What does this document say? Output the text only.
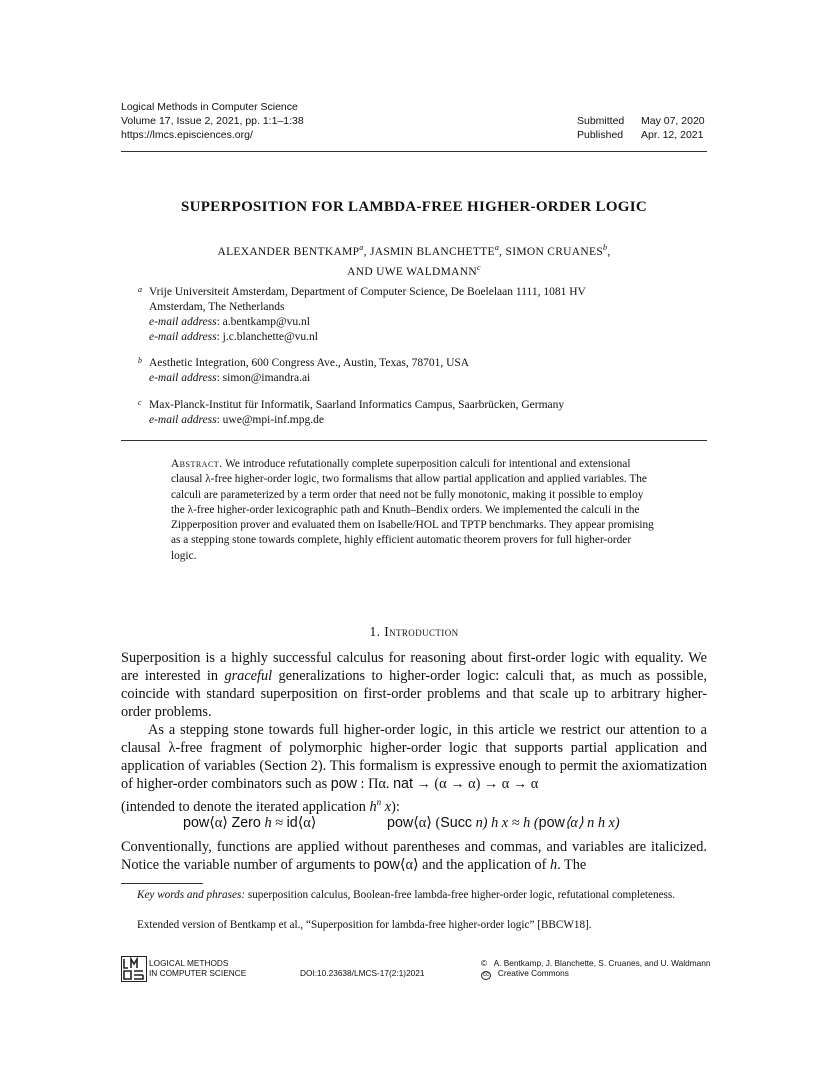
Logical Methods in Computer Science
Volume 17, Issue 2, 2021, pp. 1:1–1:38
https://lmcs.episciences.org/
Submitted	May 07, 2020
Published	Apr. 12, 2021
SUPERPOSITION FOR LAMBDA-FREE HIGHER-ORDER LOGIC
ALEXANDER BENTKAMP$^a$, JASMIN BLANCHETTE$^a$, SIMON CRUANES$^b$,
AND UWE WALDMANN$^c$
a Vrije Universiteit Amsterdam, Department of Computer Science, De Boelelaan 1111, 1081 HV
Amsterdam, The Netherlands
e-mail address: a.bentkamp@vu.nl
e-mail address: j.c.blanchette@vu.nl
b Aesthetic Integration, 600 Congress Ave., Austin, Texas, 78701, USA
e-mail address: simon@imandra.ai
c Max-Planck-Institut für Informatik, Saarland Informatics Campus, Saarbrücken, Germany
e-mail address: uwe@mpi-inf.mpg.de
Abstract. We introduce refutationally complete superposition calculi for intentional and extensional clausal λ-free higher-order logic, two formalisms that allow partial application and applied variables. The calculi are parameterized by a term order that need not be fully monotonic, making it possible to employ the λ-free higher-order lexicographic path and Knuth–Bendix orders. We implemented the calculi in the Zipperposition prover and evaluated them on Isabelle/HOL and TPTP benchmarks. They appear promising as a stepping stone towards complete, highly efficient automatic theorem provers for full higher-order logic.
1. Introduction
Superposition is a highly successful calculus for reasoning about first-order logic with equality. We are interested in graceful generalizations to higher-order logic: calculi that, as much as possible, coincide with standard superposition on first-order problems and that scale up to arbitrary higher-order problems.
As a stepping stone towards full higher-order logic, in this article we restrict our attention to a clausal λ-free fragment of polymorphic higher-order logic that supports partial application and application of variables (Section 2). This formalism is expressive enough to permit the axiomatization of higher-order combinators such as pow : Πα. nat → (α → α) → α → α
(intended to denote the iterated application $h^n$ x):
pow⟨α⟩ Zero h ≈ id⟨α⟩	pow⟨α⟩ (Succ n) h x ≈ h (pow⟨α⟩ n h x)
Conventionally, functions are applied without parentheses and commas, and variables are italicized. Notice the variable number of arguments to pow⟨α⟩ and the application of h. The
Key words and phrases: superposition calculus, Boolean-free lambda-free higher-order logic, refutational completeness.
Extended version of Bentkamp et al., “Superposition for lambda-free higher-order logic” [BBCW18].
LOGICAL METHODS
IN COMPUTER SCIENCE	DOI:10.23638/LMCS-17(2:1)2021
© A. Bentkamp, J. Blanchette, S. Cruanes, and U. Waldmann
cc Creative Commons
